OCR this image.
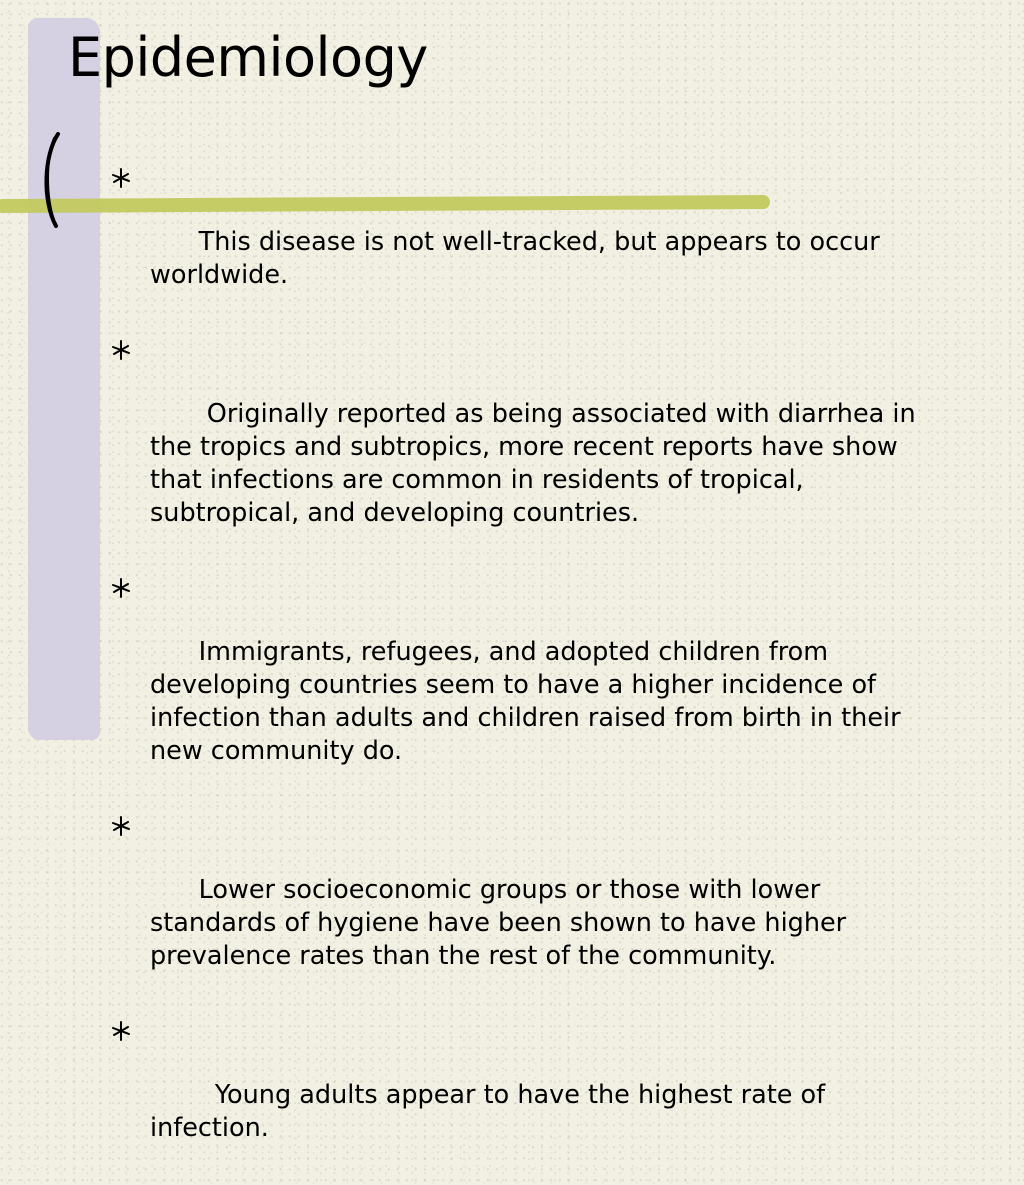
Epidemiology

This disease is not well-tracked, but appears to occur worldwide.

Originally reported as being associated with diarrhea in the tropics and subtropics, more recent reports have show that infections are common in residents of tropical, subtropical, and developing countries.

Immigrants, refugees, and adopted children from developing countries seem to have a higher incidence of infection than adults and children raised from birth in their new community do.

Lower socioeconomic groups or those with lower standards of hygiene have been shown to have higher prevalence rates than the rest of the community.

Young adults appear to have the highest rate of infection.
